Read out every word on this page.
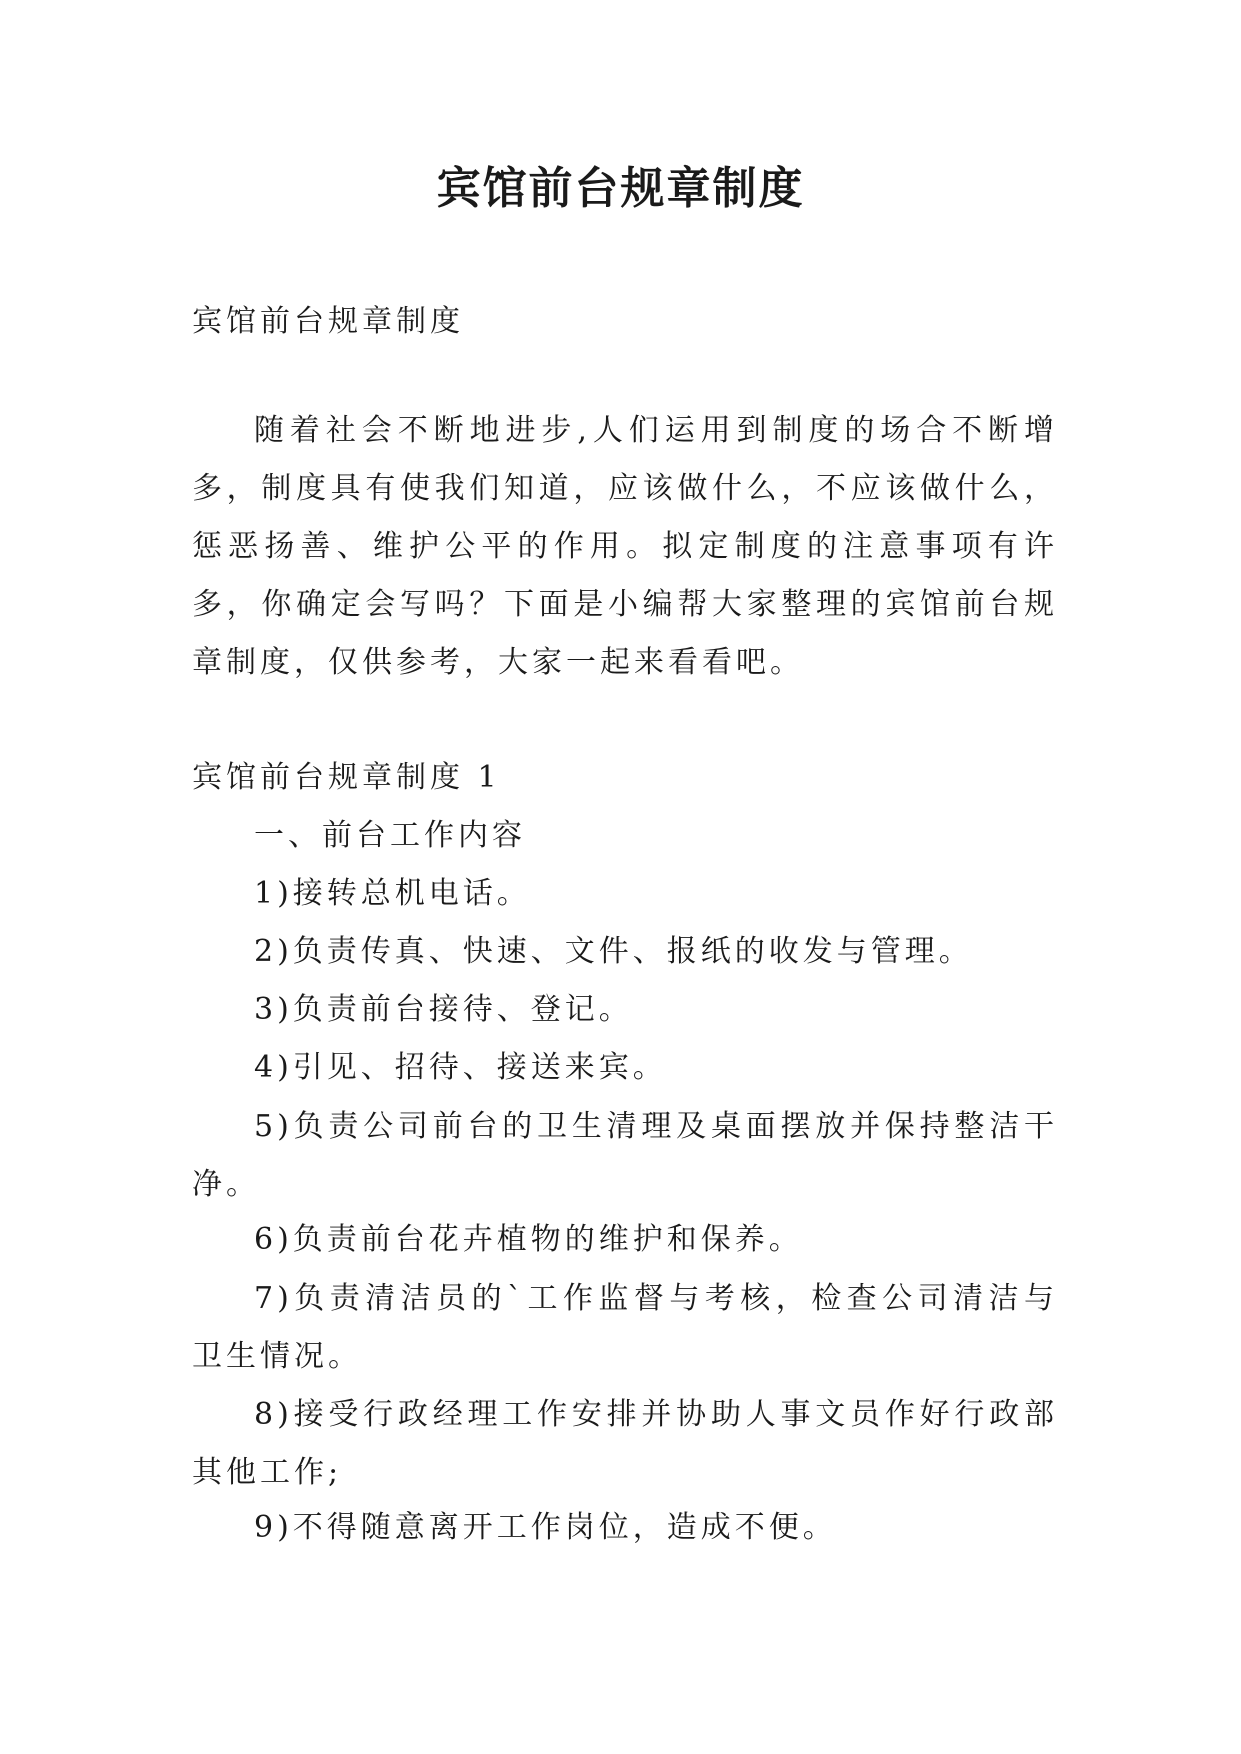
宾馆前台规章制度

宾馆前台规章制度

随着社会不断地进步,人们运用到制度的场合不断增多，制度具有使我们知道，应该做什么，不应该做什么，惩恶扬善、维护公平的作用。拟定制度的注意事项有许多，你确定会写吗？下面是小编帮大家整理的宾馆前台规章制度，仅供参考，大家一起来看看吧。

宾馆前台规章制度 1

一、前台工作内容

1)接转总机电话。

2)负责传真、快速、文件、报纸的收发与管理。

3)负责前台接待、登记。

4)引见、招待、接送来宾。

5)负责公司前台的卫生清理及桌面摆放并保持整洁干净。

6)负责前台花卉植物的维护和保养。

7)负责清洁员的`工作监督与考核，检查公司清洁与卫生情况。

8)接受行政经理工作安排并协助人事文员作好行政部其他工作;

9)不得随意离开工作岗位，造成不便。
